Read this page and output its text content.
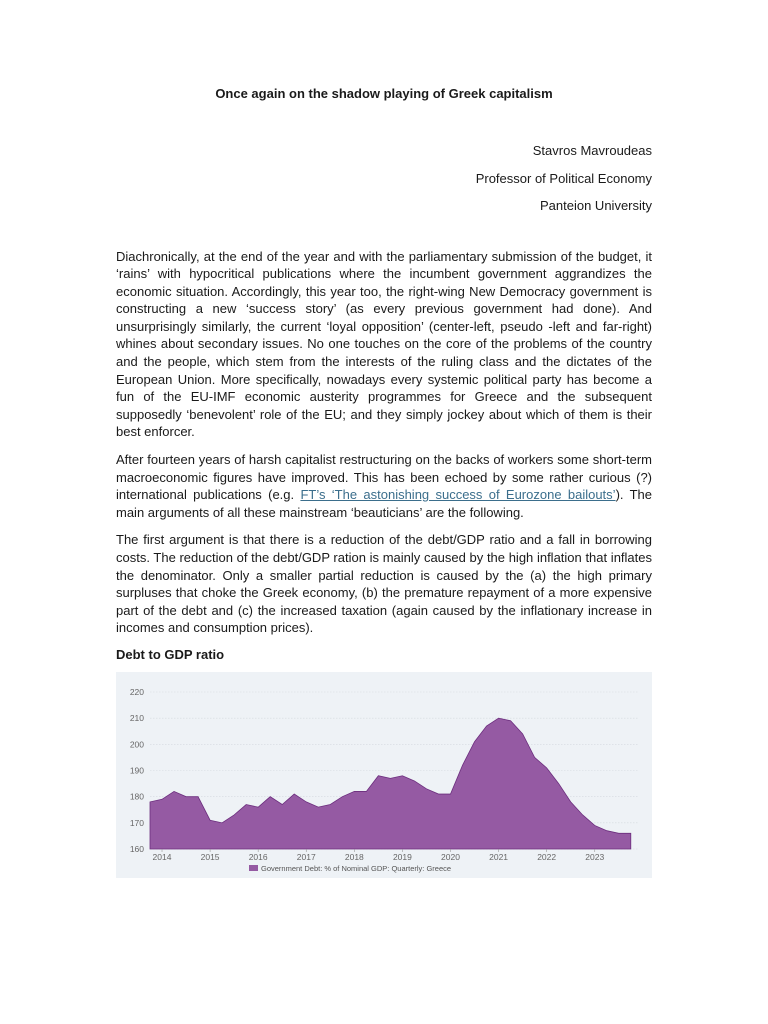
Once again on the shadow playing of Greek capitalism
Stavros Mavroudeas
Professor of Political Economy
Panteion University

Diachronically, at the end of the year and with the parliamentary submission of the budget, it ‘rains’ with hypocritical publications where the incumbent government aggrandizes the economic situation. Accordingly, this year too, the right-wing New Democracy government is constructing a new ‘success story’ (as every previous government had done). And unsurprisingly similarly, the current ‘loyal opposition’ (center-left, pseudo -left and far-right) whines about secondary issues. No one touches on the core of the problems of the country and the people, which stem from the interests of the ruling class and the dictates of the European Union. More specifically, nowadays every systemic political party has become a fun of the EU-IMF economic austerity programmes for Greece and the subsequent supposedly ‘benevolent’ role of the EU; and they simply jockey about which of them is their best enforcer.

After fourteen years of harsh capitalist restructuring on the backs of workers some short-term macroeconomic figures have improved. This has been echoed by some rather curious (?) international publications (e.g. FT’s ‘The astonishing success of Eurozone bailouts’). The main arguments of all these mainstream ‘beauticians’ are the following.

The first argument is that there is a reduction of the debt/GDP ratio and a fall in borrowing costs. The reduction of the debt/GDP ration is mainly caused by the high inflation that inflates the denominator. Only a smaller partial reduction is caused by the (a) the high primary surpluses that choke the Greek economy, (b) the premature repayment of a more expensive part of the debt and (c) the increased taxation (again caused by the inflationary increase in incomes and consumption prices).

Debt to GDP ratio
160
170
180
190
200
210
220
2014	2015	2016	2017	2018	2019	2020	2021	2022	2023
Government Debt: % of Nominal GDP: Quarterly: Greece
